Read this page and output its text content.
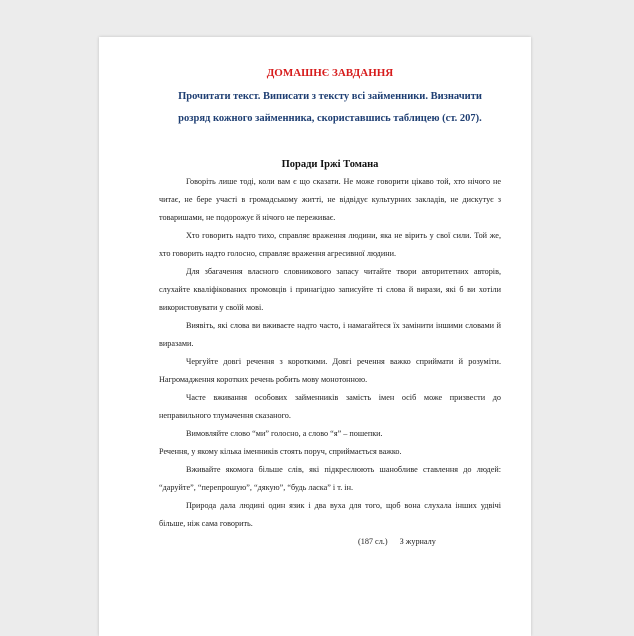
ДОМАШНЄ ЗАВДАННЯ
Прочитати текст. Виписати з тексту всі займенники. Визначити
розряд кожного займенника, скориставшись таблицею (ст. 207).
Поради Іржі Томана

Говоріть лише тоді, коли вам є що сказати. Не може говорити цікаво той, хто нічого не читає, не бере участі в громадському житті, не відвідує культурних закладів, не дискутує з товаришами, не подорожує й нічого не переживає.

Хто говорить надто тихо, справляє враження людини, яка не вірить у свої сили. Той же, хто говорить надто голосно, справляє враження агресивної людини.

Для збагачення власного словникового запасу читайте твори авторитетних авторів, слухайте кваліфікованих промовців і принагідно записуйте ті слова й вирази, які б ви хотіли використовувати у своїй мові.

Виявіть, які слова ви вживаєте надто часто, і намагайтеся їх замінити іншими словами й виразами.

Чергуйте довгі речення з короткими. Довгі речення важко сприймати й розуміти. Нагромадження коротких речень робить мову монотонною.

Часте вживання особових займенників замість імен осіб може призвести до неправильного тлумачення сказаного.

Вимовляйте слово “ми” голосно, а слово “я” – пошепки.

Речення, у якому кілька іменників стоять поруч, сприймається важко.

Вживайте якомога більше слів, які підкреслюють шанобливе ставлення до людей: “даруйте”, “перепрошую”, “дякую”, “будь ласка” і т. ін.

Природа дала людині один язик і два вуха для того, щоб вона слухала інших удвічі більше, ніж сама говорить.

(187 сл.) З журналу
